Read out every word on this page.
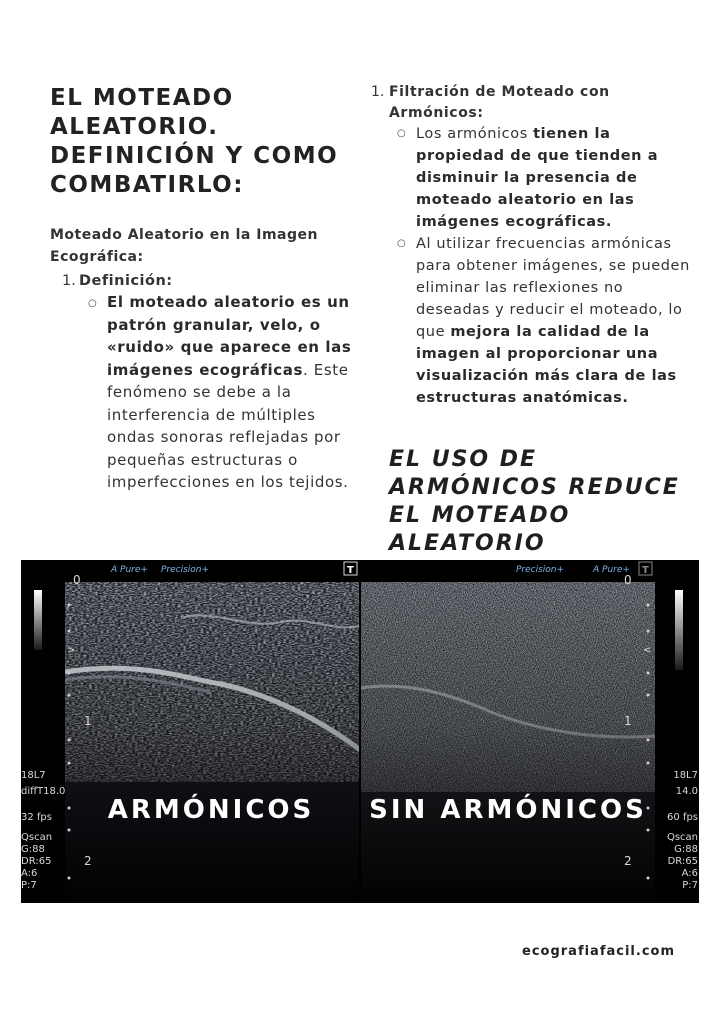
EL MOTEADO ALEATORIO. DEFINICIÓN Y COMO COMBATIRLO:
Moteado Aleatorio en la Imagen Ecográfica:
1. Definición:
○ El moteado aleatorio es un patrón granular, velo, o «ruido» que aparece en las imágenes ecográficas. Este fenómeno se debe a la interferencia de múltiples ondas sonoras reflejadas por pequeñas estructuras o imperfecciones en los tejidos.
1. Filtración de Moteado con Armónicos:
○ Los armónicos tienen la propiedad de que tienden a disminuir la presencia de moteado aleatorio en las imágenes ecográficas.
○ Al utilizar frecuencias armónicas para obtener imágenes, se pueden eliminar las reflexiones no deseadas y reducir el moteado, lo que mejora la calidad de la imagen al proporcionar una visualización más clara de las estructuras anatómicas.
EL USO DE ARMÓNICOS REDUCE EL MOTEADO ALEATORIO
0
1
2
0
1
2
>	<
A Pure+ Precision+	T	Precision+	A Pure+ T
18L7
diffT18.0
32 fps
Qscan
G:88
DR:65
A:6
P:7
18L7
14.0
60 fps
Qscan
G:88
DR:65
A:6
P:7
ARMÓNICOS SIN ARMÓNICOS
ecografiafacil.com
